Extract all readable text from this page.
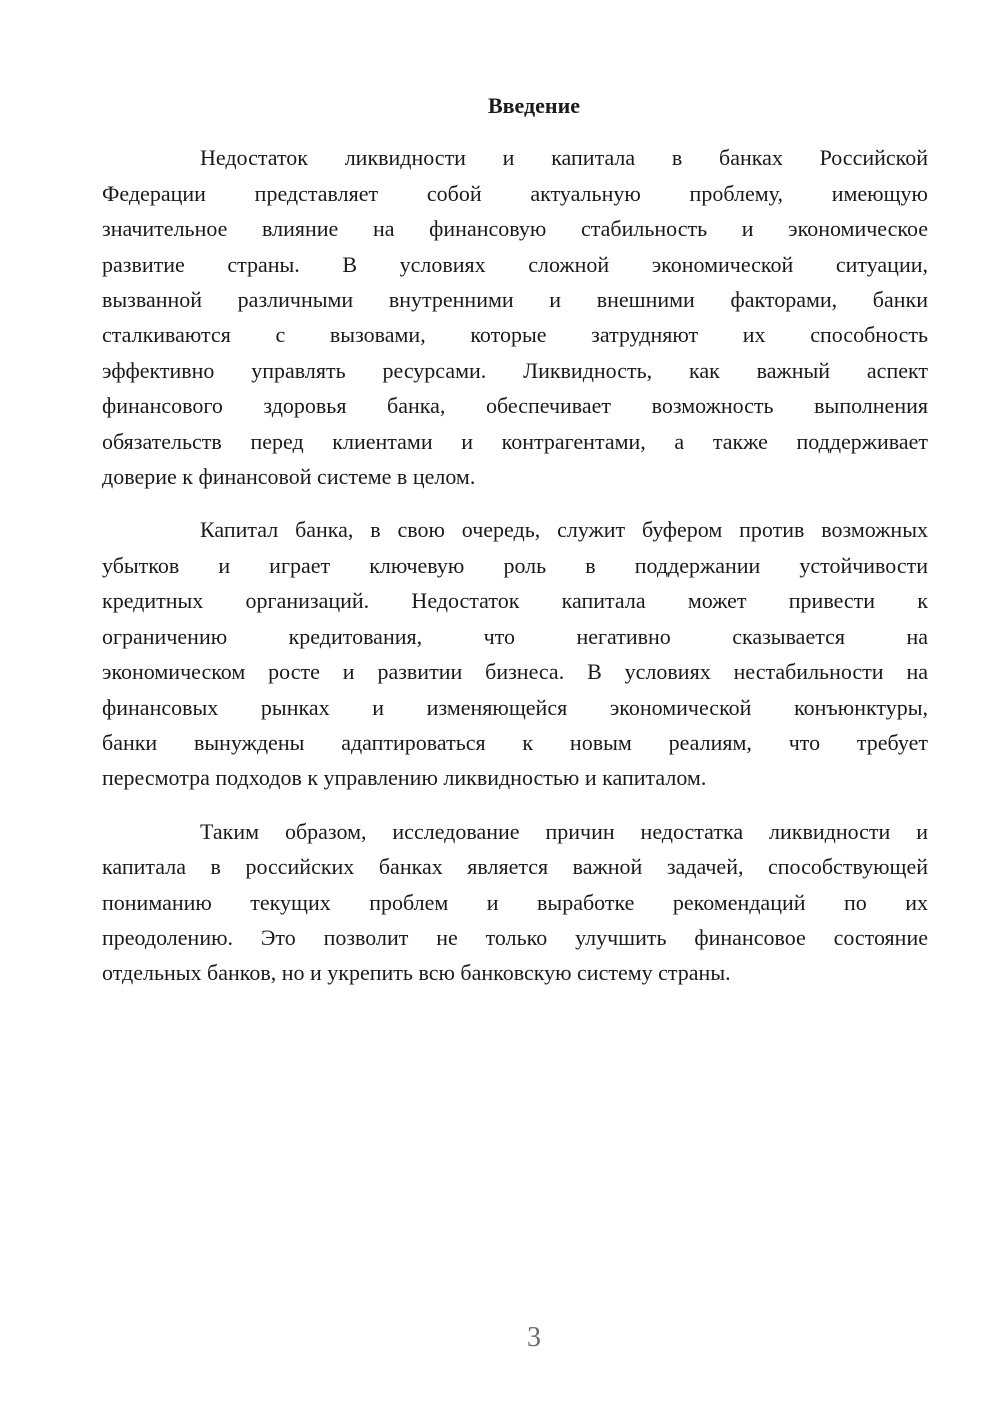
Введение
Недостаток ликвидности и капитала в банках Российской
Федерации представляет собой актуальную проблему, имеющую
значительное влияние на финансовую стабильность и экономическое
развитие страны. В условиях сложной экономической ситуации,
вызванной различными внутренними и внешними факторами, банки
сталкиваются с вызовами, которые затрудняют их способность
эффективно управлять ресурсами. Ликвидность, как важный аспект
финансового здоровья банка, обеспечивает возможность выполнения
обязательств перед клиентами и контрагентами, а также поддерживает
доверие к финансовой системе в целом.
Капитал банка, в свою очередь, служит буфером против возможных
убытков и играет ключевую роль в поддержании устойчивости
кредитных организаций. Недостаток капитала может привести к
ограничению кредитования, что негативно сказывается на
экономическом росте и развитии бизнеса. В условиях нестабильности на
финансовых рынках и изменяющейся экономической конъюнктуры,
банки вынуждены адаптироваться к новым реалиям, что требует
пересмотра подходов к управлению ликвидностью и капиталом.
Таким образом, исследование причин недостатка ликвидности и
капитала в российских банках является важной задачей, способствующей
пониманию текущих проблем и выработке рекомендаций по их
преодолению. Это позволит не только улучшить финансовое состояние
отдельных банков, но и укрепить всю банковскую систему страны.
3
